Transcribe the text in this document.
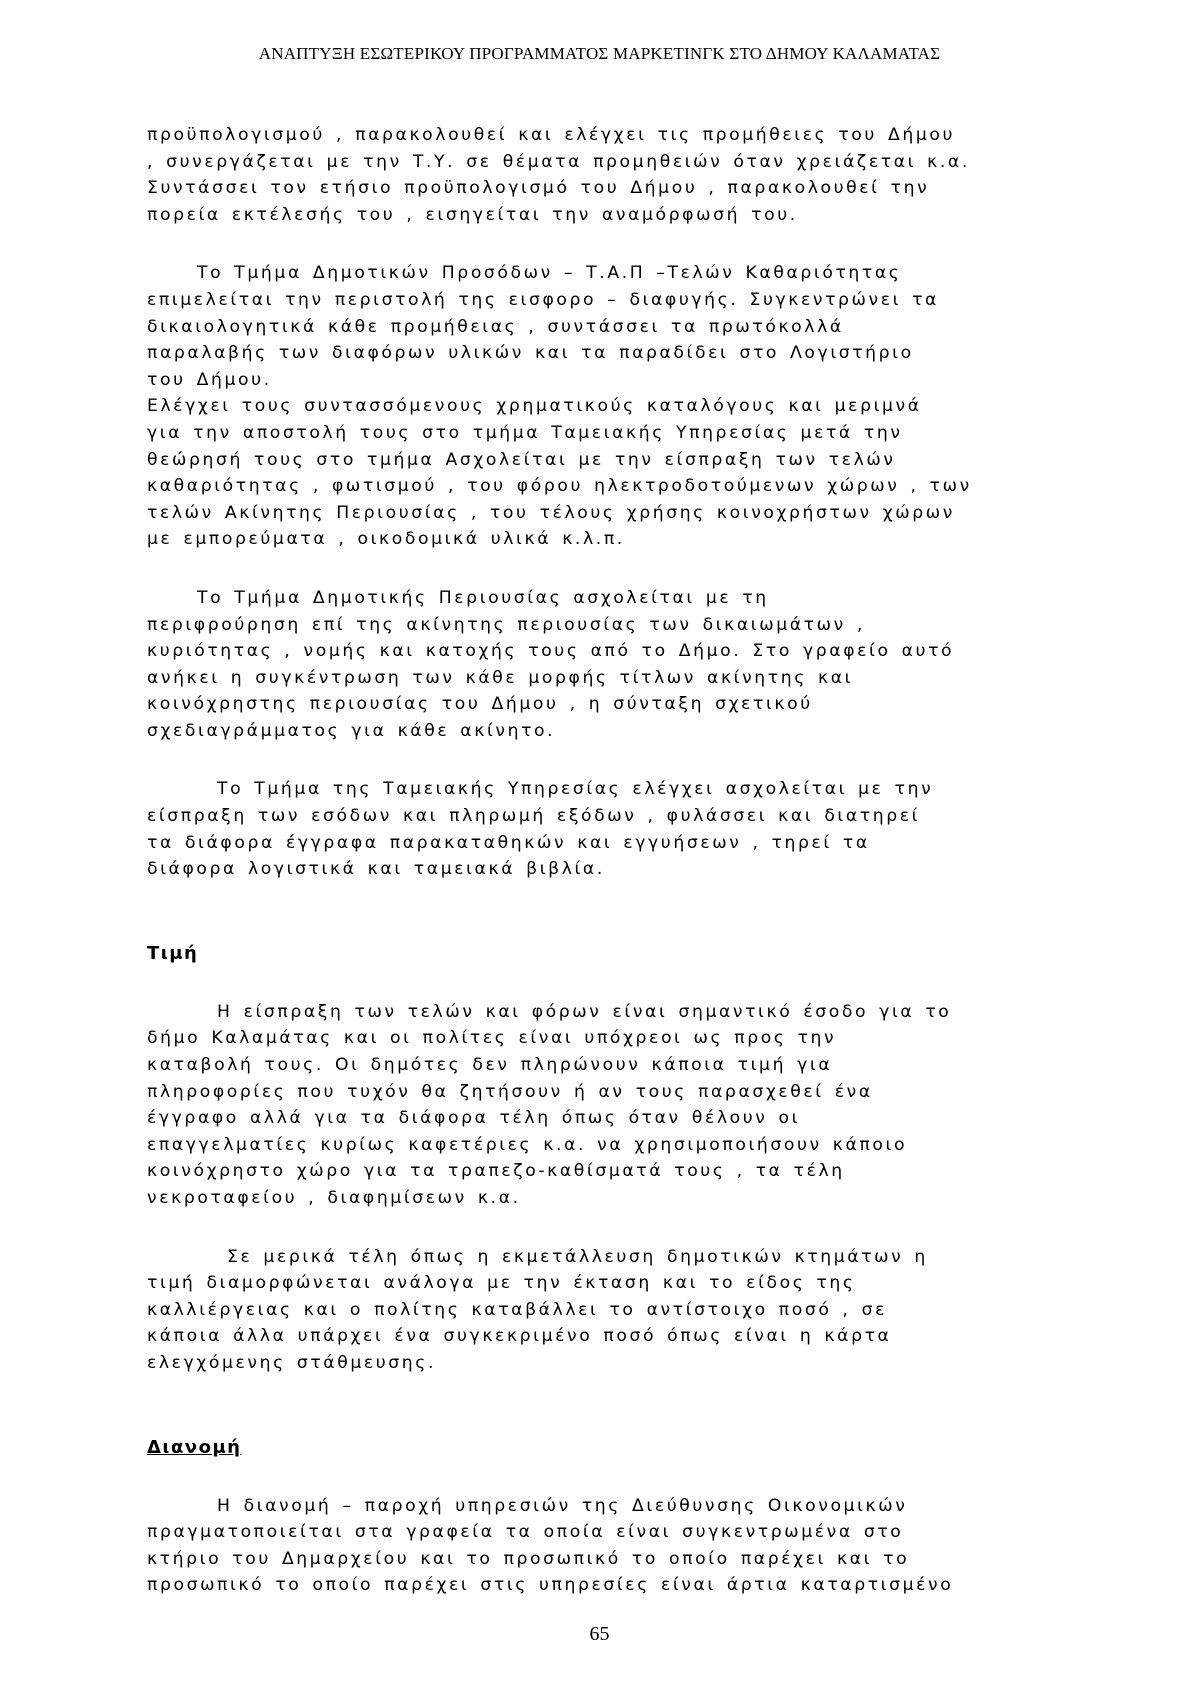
ΑΝΑΠΤΥΞΗ ΕΣΩΤΕΡΙΚΟΥ ΠΡΟΓΡΑΜΜΑΤΟΣ ΜΑΡΚΕΤΙΝΓΚ ΣΤΟ ΔΗΜΟΥ ΚΑΛΑΜΑΤΑΣ
προϋπολογισμού , παρακολουθεί και ελέγχει τις προμήθειες του Δήμου
, συνεργάζεται με την Τ.Υ. σε θέματα προμηθειών όταν χρειάζεται κ.α.
Συντάσσει τον ετήσιο προϋπολογισμό του Δήμου , παρακολουθεί την
πορεία εκτέλεσής του , εισηγείται την αναμόρφωσή του.
Το Τμήμα Δημοτικών Προσόδων – Τ.Α.Π –Τελών Καθαριότητας
επιμελείται την περιστολή της εισφορο – διαφυγής. Συγκεντρώνει τα
δικαιολογητικά κάθε προμήθειας , συντάσσει τα πρωτόκολλά
παραλαβής των διαφόρων υλικών και τα παραδίδει στο Λογιστήριο
του Δήμου.
Ελέγχει τους συντασσόμενους χρηματικούς καταλόγους και μεριμνά
για την αποστολή τους στο τμήμα Ταμειακής Υπηρεσίας μετά την
θεώρησή τους στο τμήμα Ασχολείται με την είσπραξη των τελών
καθαριότητας , φωτισμού , του φόρου ηλεκτροδοτούμενων χώρων , των
τελών Ακίνητης Περιουσίας , του τέλους χρήσης κοινοχρήστων χώρων
με εμπορεύματα , οικοδομικά υλικά κ.λ.π.
Το Τμήμα Δημοτικής Περιουσίας ασχολείται με τη
περιφρούρηση επί της ακίνητης περιουσίας των δικαιωμάτων ,
κυριότητας , νομής και κατοχής τους από το Δήμο. Στο γραφείο αυτό
ανήκει η συγκέντρωση των κάθε μορφής τίτλων ακίνητης και
κοινόχρηστης περιουσίας του Δήμου , η σύνταξη σχετικού
σχεδιαγράμματος για κάθε ακίνητο.
Το Τμήμα της Ταμειακής Υπηρεσίας ελέγχει ασχολείται με την
είσπραξη των εσόδων και πληρωμή εξόδων , φυλάσσει και διατηρεί
τα διάφορα έγγραφα παρακαταθηκών και εγγυήσεων , τηρεί τα
διάφορα λογιστικά και ταμειακά βιβλία.
Τιμή
Η είσπραξη των τελών και φόρων είναι σημαντικό έσοδο για το
δήμο Καλαμάτας και οι πολίτες είναι υπόχρεοι ως προς την
καταβολή τους. Οι δημότες δεν πληρώνουν κάποια τιμή για
πληροφορίες που τυχόν θα ζητήσουν ή αν τους παρασχεθεί ένα
έγγραφο αλλά για τα διάφορα τέλη όπως όταν θέλουν οι
επαγγελματίες κυρίως καφετέριες κ.α. να χρησιμοποιήσουν κάποιο
κοινόχρηστο χώρο για τα τραπεζο-καθίσματά τους , τα τέλη
νεκροταφείου , διαφημίσεων κ.α.
Σε μερικά τέλη όπως η εκμετάλλευση δημοτικών κτημάτων η
τιμή διαμορφώνεται ανάλογα με την έκταση και το είδος της
καλλιέργειας και ο πολίτης καταβάλλει το αντίστοιχο ποσό , σε
κάποια άλλα υπάρχει ένα συγκεκριμένο ποσό όπως είναι η κάρτα
ελεγχόμενης στάθμευσης.
Διανομή
Η διανομή – παροχή υπηρεσιών της Διεύθυνσης Οικονομικών
πραγματοποιείται στα γραφεία τα οποία είναι συγκεντρωμένα στο
κτήριο του Δημαρχείου και το προσωπικό το οποίο παρέχει και το
προσωπικό το οποίο παρέχει στις υπηρεσίες είναι άρτια καταρτισμένο
65
